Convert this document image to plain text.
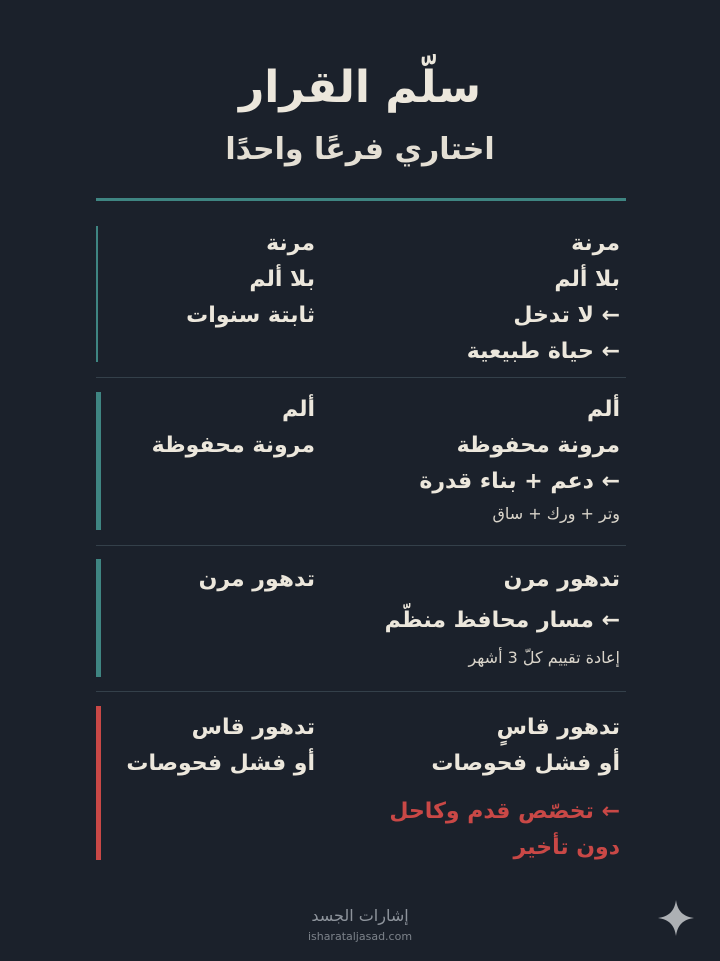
سلّم القرار
اختاري فرعًا واحدًا
مرنة
بلا ألم
← لا تدخل
← حياة طبيعية
مرنة
بلا ألم
ثابتة سنوات
ألم
مرونة محفوظة
← دعم + بناء قدرة
وتر + ورك + ساق
ألم
مرونة محفوظة
تدهور مرن
← مسار محافظ منظّم
إعادة تقييم كلّ 3 أشهر
تدهور مرن
تدهور قاسٍ
أو فشل فحوصات
← تخصّص قدم وكاحل
دون تأخير
تدهور قاس
أو فشل فحوصات
إشارات الجسد
isharataljasad.com
